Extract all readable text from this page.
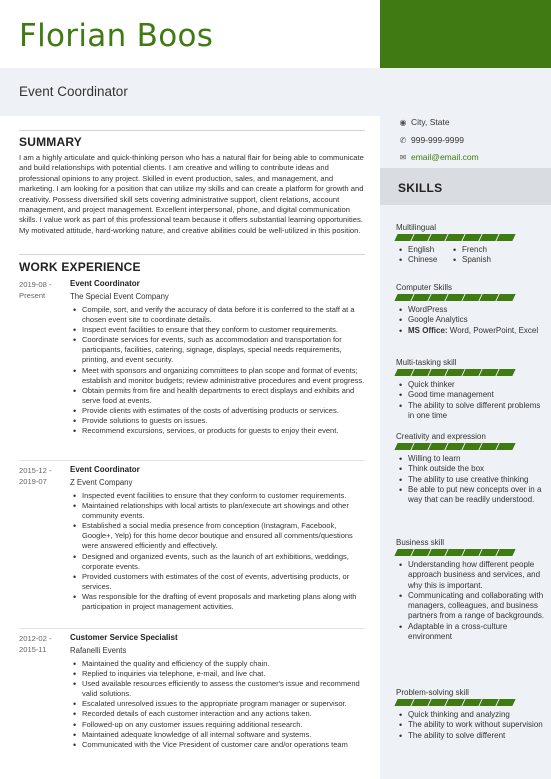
Florian Boos
Event Coordinator
◉ City, State
✆ 999-999-9999
✉ email@email.com
SKILLS
Multilingual
• English	• French
• Chinese	• Spanish
Computer Skills
• WordPress
• Google Analytics
• MS Office: Word, PowerPoint, Excel
Multi-tasking skill
• Quick thinker
• Good time management
• The ability to solve different problems in one time
Creativity and expression
• Willing to learn
• Think outside the box
• The ability to use creative thinking
• Be able to put new concepts over in a way that can be readily understood.
Business skill
• Understanding how different people approach business and services, and why this is important.
• Communicating and collaborating with managers, colleagues, and business partners from a range of backgrounds.
• Adaptable in a cross-culture environment
Problem-solving skill
• Quick thinking and analyzing
• The ability to work without supervision
• The ability to solve different
SUMMARY
I am a highly articulate and quick-thinking person who has a natural flair for being able to communicate and build relationships with potential clients. I am creative and willing to contribute ideas and professional opinions to any project. Skilled in event production, sales, and management, and marketing. I am looking for a position that can utilize my skills and can create a platform for growth and creativity. Possess diversified skill sets covering administrative support, client relations, account management, and project management. Excellent interpersonal, phone, and digital communication skills. I value work as part of this professional team because it offers substantial learning opportunities. My motivated attitude, hard-working nature, and creative abilities could be well-utilized in this position.
WORK EXPERIENCE
2019-08 -
Present
Event Coordinator
The Special Event Company
• Compile, sort, and verify the accuracy of data before it is conferred to the staff at a chosen event site to coordinate details.
• Inspect event facilities to ensure that they conform to customer requirements.
• Coordinate services for events, such as accommodation and transportation for participants, facilities, catering, signage, displays, special needs requirements, printing, and event security.
• Meet with sponsors and organizing committees to plan scope and format of events; establish and monitor budgets; review administrative procedures and event progress.
• Obtain permits from fire and health departments to erect displays and exhibits and serve food at events.
• Provide clients with estimates of the costs of advertising products or services.
• Provide solutions to guests on issues.
• Recommend excursions, services, or products for guests to enjoy their event.
2015-12 -
2019-07
Event Coordinator
Z Event Company
• Inspected event facilities to ensure that they conform to customer requirements.
• Maintained relationships with local artists to plan/execute art showings and other community events.
• Established a social media presence from conception (Instagram, Facebook, Google+, Yelp) for this home decor boutique and ensured all comments/questions were answered efficiently and effectively.
• Designed and organized events, such as the launch of art exhibitions, weddings, corporate events.
• Provided customers with estimates of the cost of events, advertising products, or services.
• Was responsible for the drafting of event proposals and marketing plans along with participation in project management activities.
2012-02 -
2015-11
Customer Service Specialist
Rafanelli Events
• Maintained the quality and efficiency of the supply chain.
• Replied to inquiries via telephone, e-mail, and live chat.
• Used available resources efficiently to assess the customer's issue and recommend valid solutions.
• Escalated unresolved issues to the appropriate program manager or supervisor.
• Recorded details of each customer interaction and any actions taken.
• Followed-up on any customer issues requiring additional research.
• Maintained adequate knowledge of all internal software and systems.
• Communicated with the Vice President of customer care and/or operations team
